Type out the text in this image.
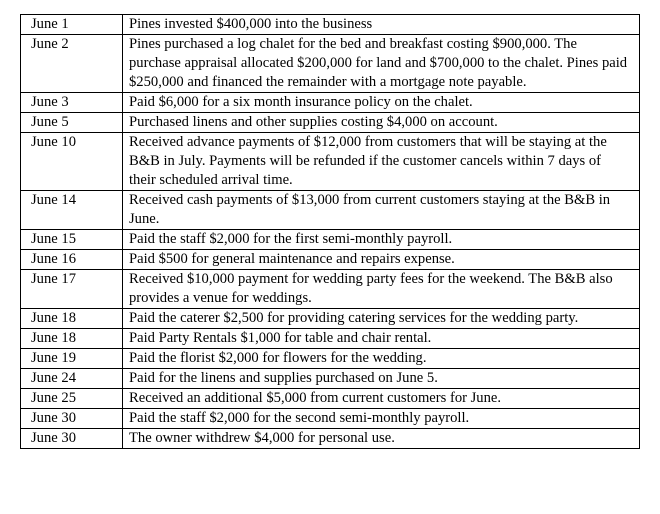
June 1	Pines invested $400,000 into the business
June 2	Pines purchased a log chalet for the bed and breakfast costing $900,000. The purchase appraisal allocated $200,000 for land and $700,000 to the chalet. Pines paid $250,000 and financed the remainder with a mortgage note payable.
June 3	Paid $6,000 for a six month insurance policy on the chalet.
June 5	Purchased linens and other supplies costing $4,000 on account.
June 10	Received advance payments of $12,000 from customers that will be staying at the B&B in July. Payments will be refunded if the customer cancels within 7 days of their scheduled arrival time.
June 14	Received cash payments of $13,000 from current customers staying at the B&B in June.
June 15	Paid the staff $2,000 for the first semi-monthly payroll.
June 16	Paid $500 for general maintenance and repairs expense.
June 17	Received $10,000 payment for wedding party fees for the weekend. The B&B also provides a venue for weddings.
June 18	Paid the caterer $2,500 for providing catering services for the wedding party.
June 18	Paid Party Rentals $1,000 for table and chair rental.
June 19	Paid the florist $2,000 for flowers for the wedding.
June 24	Paid for the linens and supplies purchased on June 5.
June 25	Received an additional $5,000 from current customers for June.
June 30	Paid the staff $2,000 for the second semi-monthly payroll.
June 30	The owner withdrew $4,000 for personal use.
